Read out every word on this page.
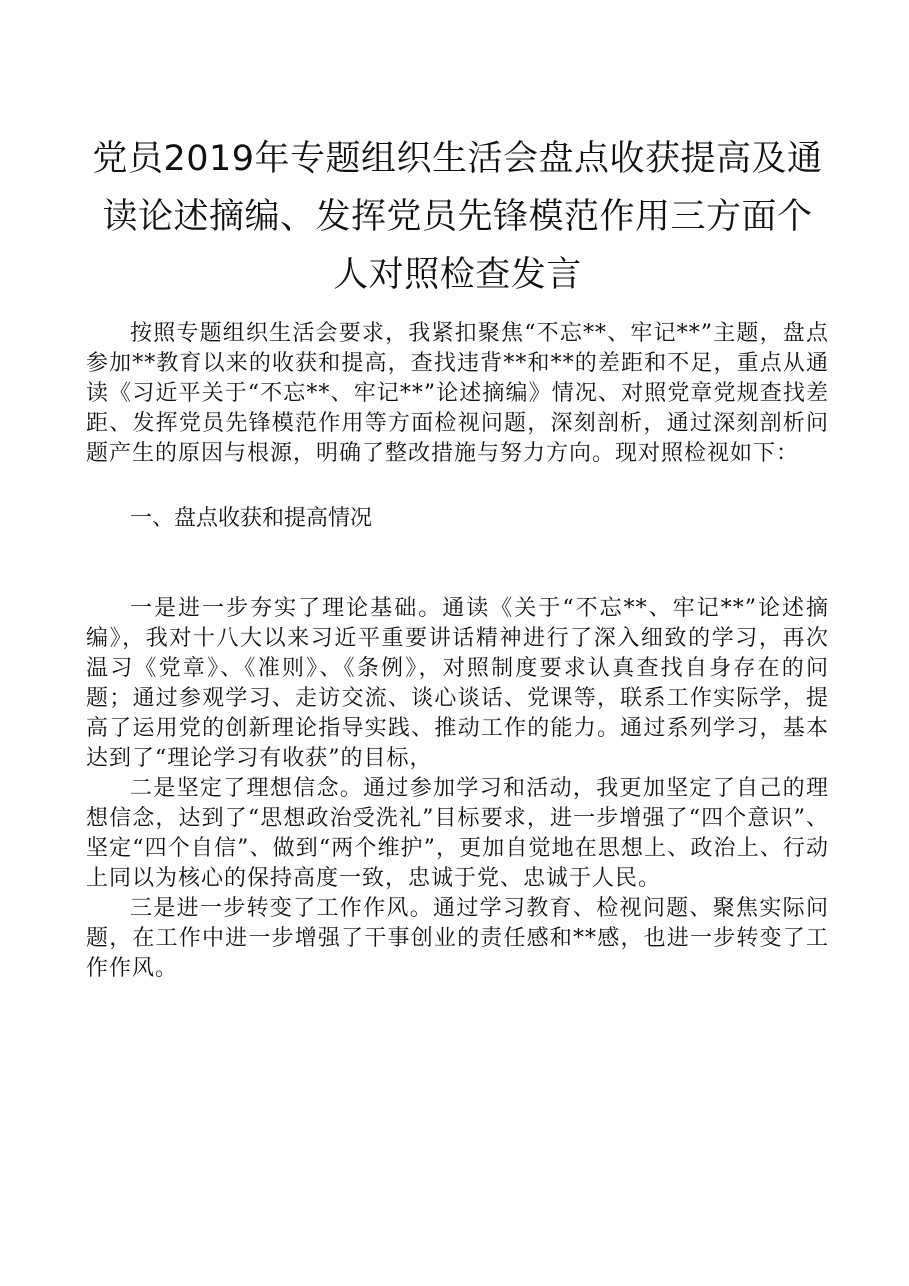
党员2019年专题组织生活会盘点收获提高及通读论述摘编、发挥党员先锋模范作用三方面个人对照检查发言

按照专题组织生活会要求，我紧扣聚焦“不忘**、牢记**”主题，盘点参加**教育以来的收获和提高，查找违背**和**的差距和不足，重点从通读《习近平关于“不忘**、牢记**”论述摘编》情况、对照党章党规查找差距、发挥党员先锋模范作用等方面检视问题，深刻剖析，通过深刻剖析问题产生的原因与根源，明确了整改措施与努力方向。现对照检视如下：

一、盘点收获和提高情况

一是进一步夯实了理论基础。通读《关于“不忘**、牢记**”论述摘编》，我对十八大以来习近平重要讲话精神进行了深入细致的学习，再次温习《党章》、《准则》、《条例》，对照制度要求认真查找自身存在的问题；通过参观学习、走访交流、谈心谈话、党课等，联系工作实际学，提高了运用党的创新理论指导实践、推动工作的能力。通过系列学习，基本达到了“理论学习有收获”的目标，

二是坚定了理想信念。通过参加学习和活动，我更加坚定了自己的理想信念，达到了“思想政治受洗礼”目标要求，进一步增强了“四个意识”、坚定“四个自信”、做到“两个维护”，更加自觉地在思想上、政治上、行动上同以为核心的保持高度一致，忠诚于党、忠诚于人民。

三是进一步转变了工作作风。通过学习教育、检视问题、聚焦实际问题，在工作中进一步增强了干事创业的责任感和**感，也进一步转变了工作作风。
